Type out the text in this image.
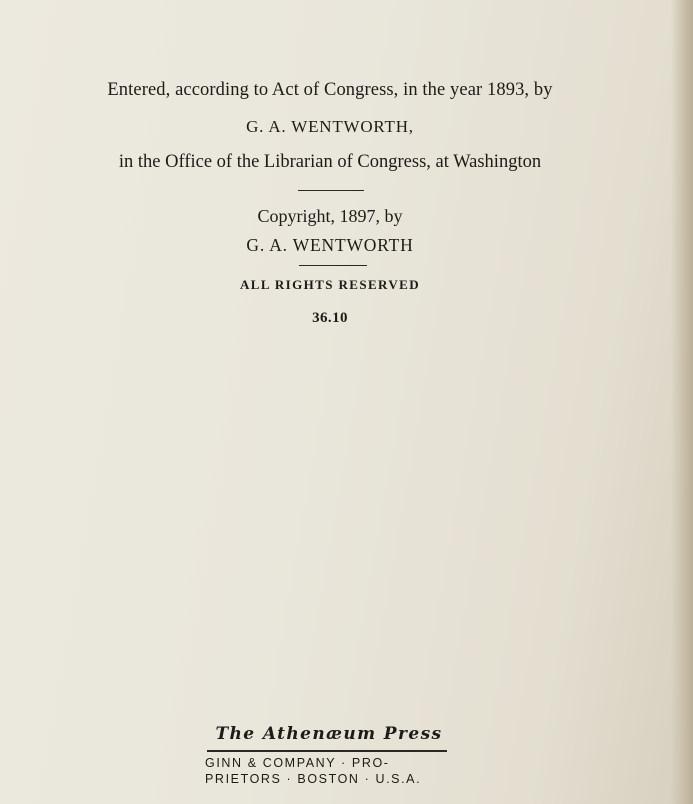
Entered, according to Act of Congress, in the year 1893, by
G. A. WENTWORTH,
in the Office of the Librarian of Congress, at Washington
Copyright, 1897, by
G. A. WENTWORTH
ALL RIGHTS RESERVED
36.10
The Athenæum Press
GINN & COMPANY · PRO-
PRIETORS · BOSTON · U.S.A.
